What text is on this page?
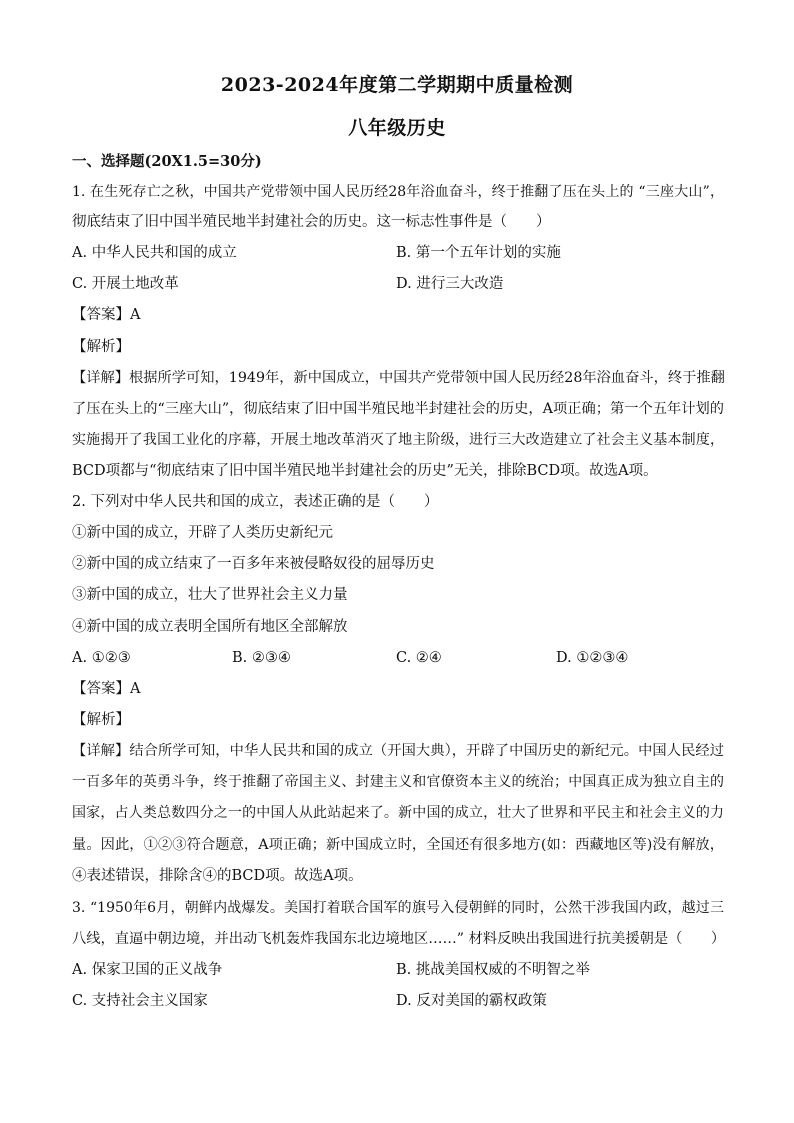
2023-2024年度第二学期期中质量检测
八年级历史
一、选择题(20X1.5=30分)
1. 在生死存亡之秋，中国共产党带领中国人民历经28年浴血奋斗，终于推翻了压在头上的 “三座大山”，
彻底结束了旧中国半殖民地半封建社会的历史。这一标志性事件是（　　）
A. 中华人民共和国的成立	B. 第一个五年计划的实施
C. 开展土地改革	D. 进行三大改造
【答案】A
【解析】
【详解】根据所学可知，1949年，新中国成立，中国共产党带领中国人民历经28年浴血奋斗，终于推翻
了压在头上的“三座大山”，彻底结束了旧中国半殖民地半封建社会的历史，A项正确；第一个五年计划的
实施揭开了我国工业化的序幕，开展土地改革消灭了地主阶级，进行三大改造建立了社会主义基本制度，
BCD项都与“彻底结束了旧中国半殖民地半封建社会的历史”无关，排除BCD项。故选A项。
2. 下列对中华人民共和国的成立，表述正确的是（　　）
①新中国的成立，开辟了人类历史新纪元
②新中国的成立结束了一百多年来被侵略奴役的屈辱历史
③新中国的成立，壮大了世界社会主义力量
④新中国的成立表明全国所有地区全部解放
A. ①②③	B. ②③④	C. ②④	D. ①②③④
【答案】A
【解析】
【详解】结合所学可知，中华人民共和国的成立（开国大典），开辟了中国历史的新纪元。中国人民经过
一百多年的英勇斗争，终于推翻了帝国主义、封建主义和官僚资本主义的统治；中国真正成为独立自主的
国家，占人类总数四分之一的中国人从此站起来了。新中国的成立，壮大了世界和平民主和社会主义的力
量。因此，①②③符合题意，A项正确；新中国成立时，全国还有很多地方(如：西藏地区等)没有解放，
④表述错误，排除含④的BCD项。故选A项。
3. “1950年6月，朝鲜内战爆发。美国打着联合国军的旗号入侵朝鲜的同时，公然干涉我国内政，越过三
八线，直逼中朝边境，并出动飞机轰炸我国东北边境地区……” 材料反映出我国进行抗美援朝是（　　）
A. 保家卫国的正义战争	B. 挑战美国权威的不明智之举
C. 支持社会主义国家	D. 反对美国的霸权政策
